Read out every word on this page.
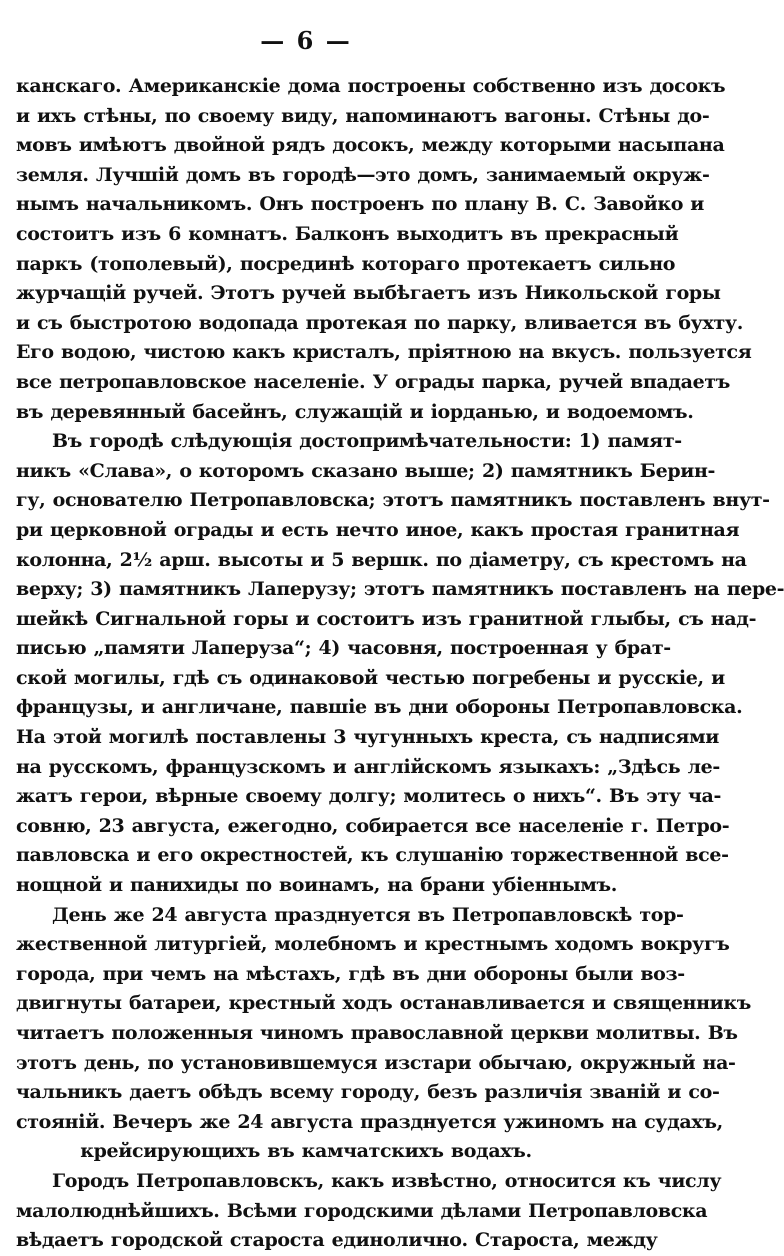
— 6 —
канскаго. Американскiе дома построены собственно изъ досокъ
и ихъ стѣны, по своему виду, напоминаютъ вагоны. Стѣны до-
мовъ имѣютъ двойной рядъ досокъ, между которыми насыпана
земля. Лучшiй домъ въ городѣ—это домъ, занимаемый окруж-
нымъ начальникомъ. Онъ построенъ по плану В. С. Завойко и
состоитъ изъ 6 комнатъ. Балконъ выходитъ въ прекрасный
паркъ (тополевый), посрединѣ котораго протекаетъ сильно
журчащiй ручей. Этотъ ручей выбѣгаетъ изъ Никольской горы
и съ быстротою водопада протекая по парку, вливается въ бухту.
Его водою, чистою какъ кристалъ, прiятною на вкусъ. пользуется
все петропавловское населенiе. У ограды парка, ручей впадаетъ
въ деревянный басейнъ, служащiй и iорданью, и водоемомъ.
Въ городѣ слѣдующiя достопримѣчательности: 1) памят-
никъ «Слава», о которомъ сказано выше; 2) памятникъ Берин-
гу, основателю Петропавловска; этотъ памятникъ поставленъ внут-
ри церковной ограды и есть нечто иное, какъ простая гранитная
колонна, 2½ арш. высоты и 5 вершк. по дiаметру, съ крестомъ на
верху; 3) памятникъ Лаперузу; этотъ памятникъ поставленъ на пере-
шейкѣ Сигнальной горы и состоитъ изъ гранитной глыбы, съ над-
писью „памяти Лаперуза“; 4) часовня, построенная у брат-
ской могилы, гдѣ съ одинаковой честью погребены и русскiе, и
французы, и англичане, павшiе въ дни обороны Петропавловска.
На этой могилѣ поставлены 3 чугунныхъ креста, съ надписями
на русскомъ, французскомъ и англiйскомъ языкахъ: „Здѣсь ле-
жатъ герои, вѣрные своему долгу; молитесь о нихъ“. Въ эту ча-
совню, 23 августа, ежегодно, собирается все населенiе г. Петро-
павловска и его окрестностей, къ слушанiю торжественной все-
нощной и панихиды по воинамъ, на брани убiеннымъ.
День же 24 августа празднуется въ Петропавловскѣ тор-
жественной литургiей, молебномъ и крестнымъ ходомъ вокругъ
города, при чемъ на мѣстахъ, гдѣ въ дни обороны были воз-
двигнуты батареи, крестный ходъ останавливается и священникъ
читаетъ положенныя чиномъ православной церкви молитвы. Въ
этотъ день, по установившемуся изстари обычаю, окружный на-
чальникъ даетъ обѣдъ всему городу, безъ различiя званiй и со-
стоянiй. Вечеръ же 24 августа празднуется ужиномъ на судахъ,
крейсирующихъ въ камчатскихъ водахъ.
Городъ Петропавловскъ, какъ извѣстно, относится къ числу
малолюднѣйшихъ. Всѣми городскими дѣлами Петропавловска
вѣдаетъ городской староста единолично. Староста, между
